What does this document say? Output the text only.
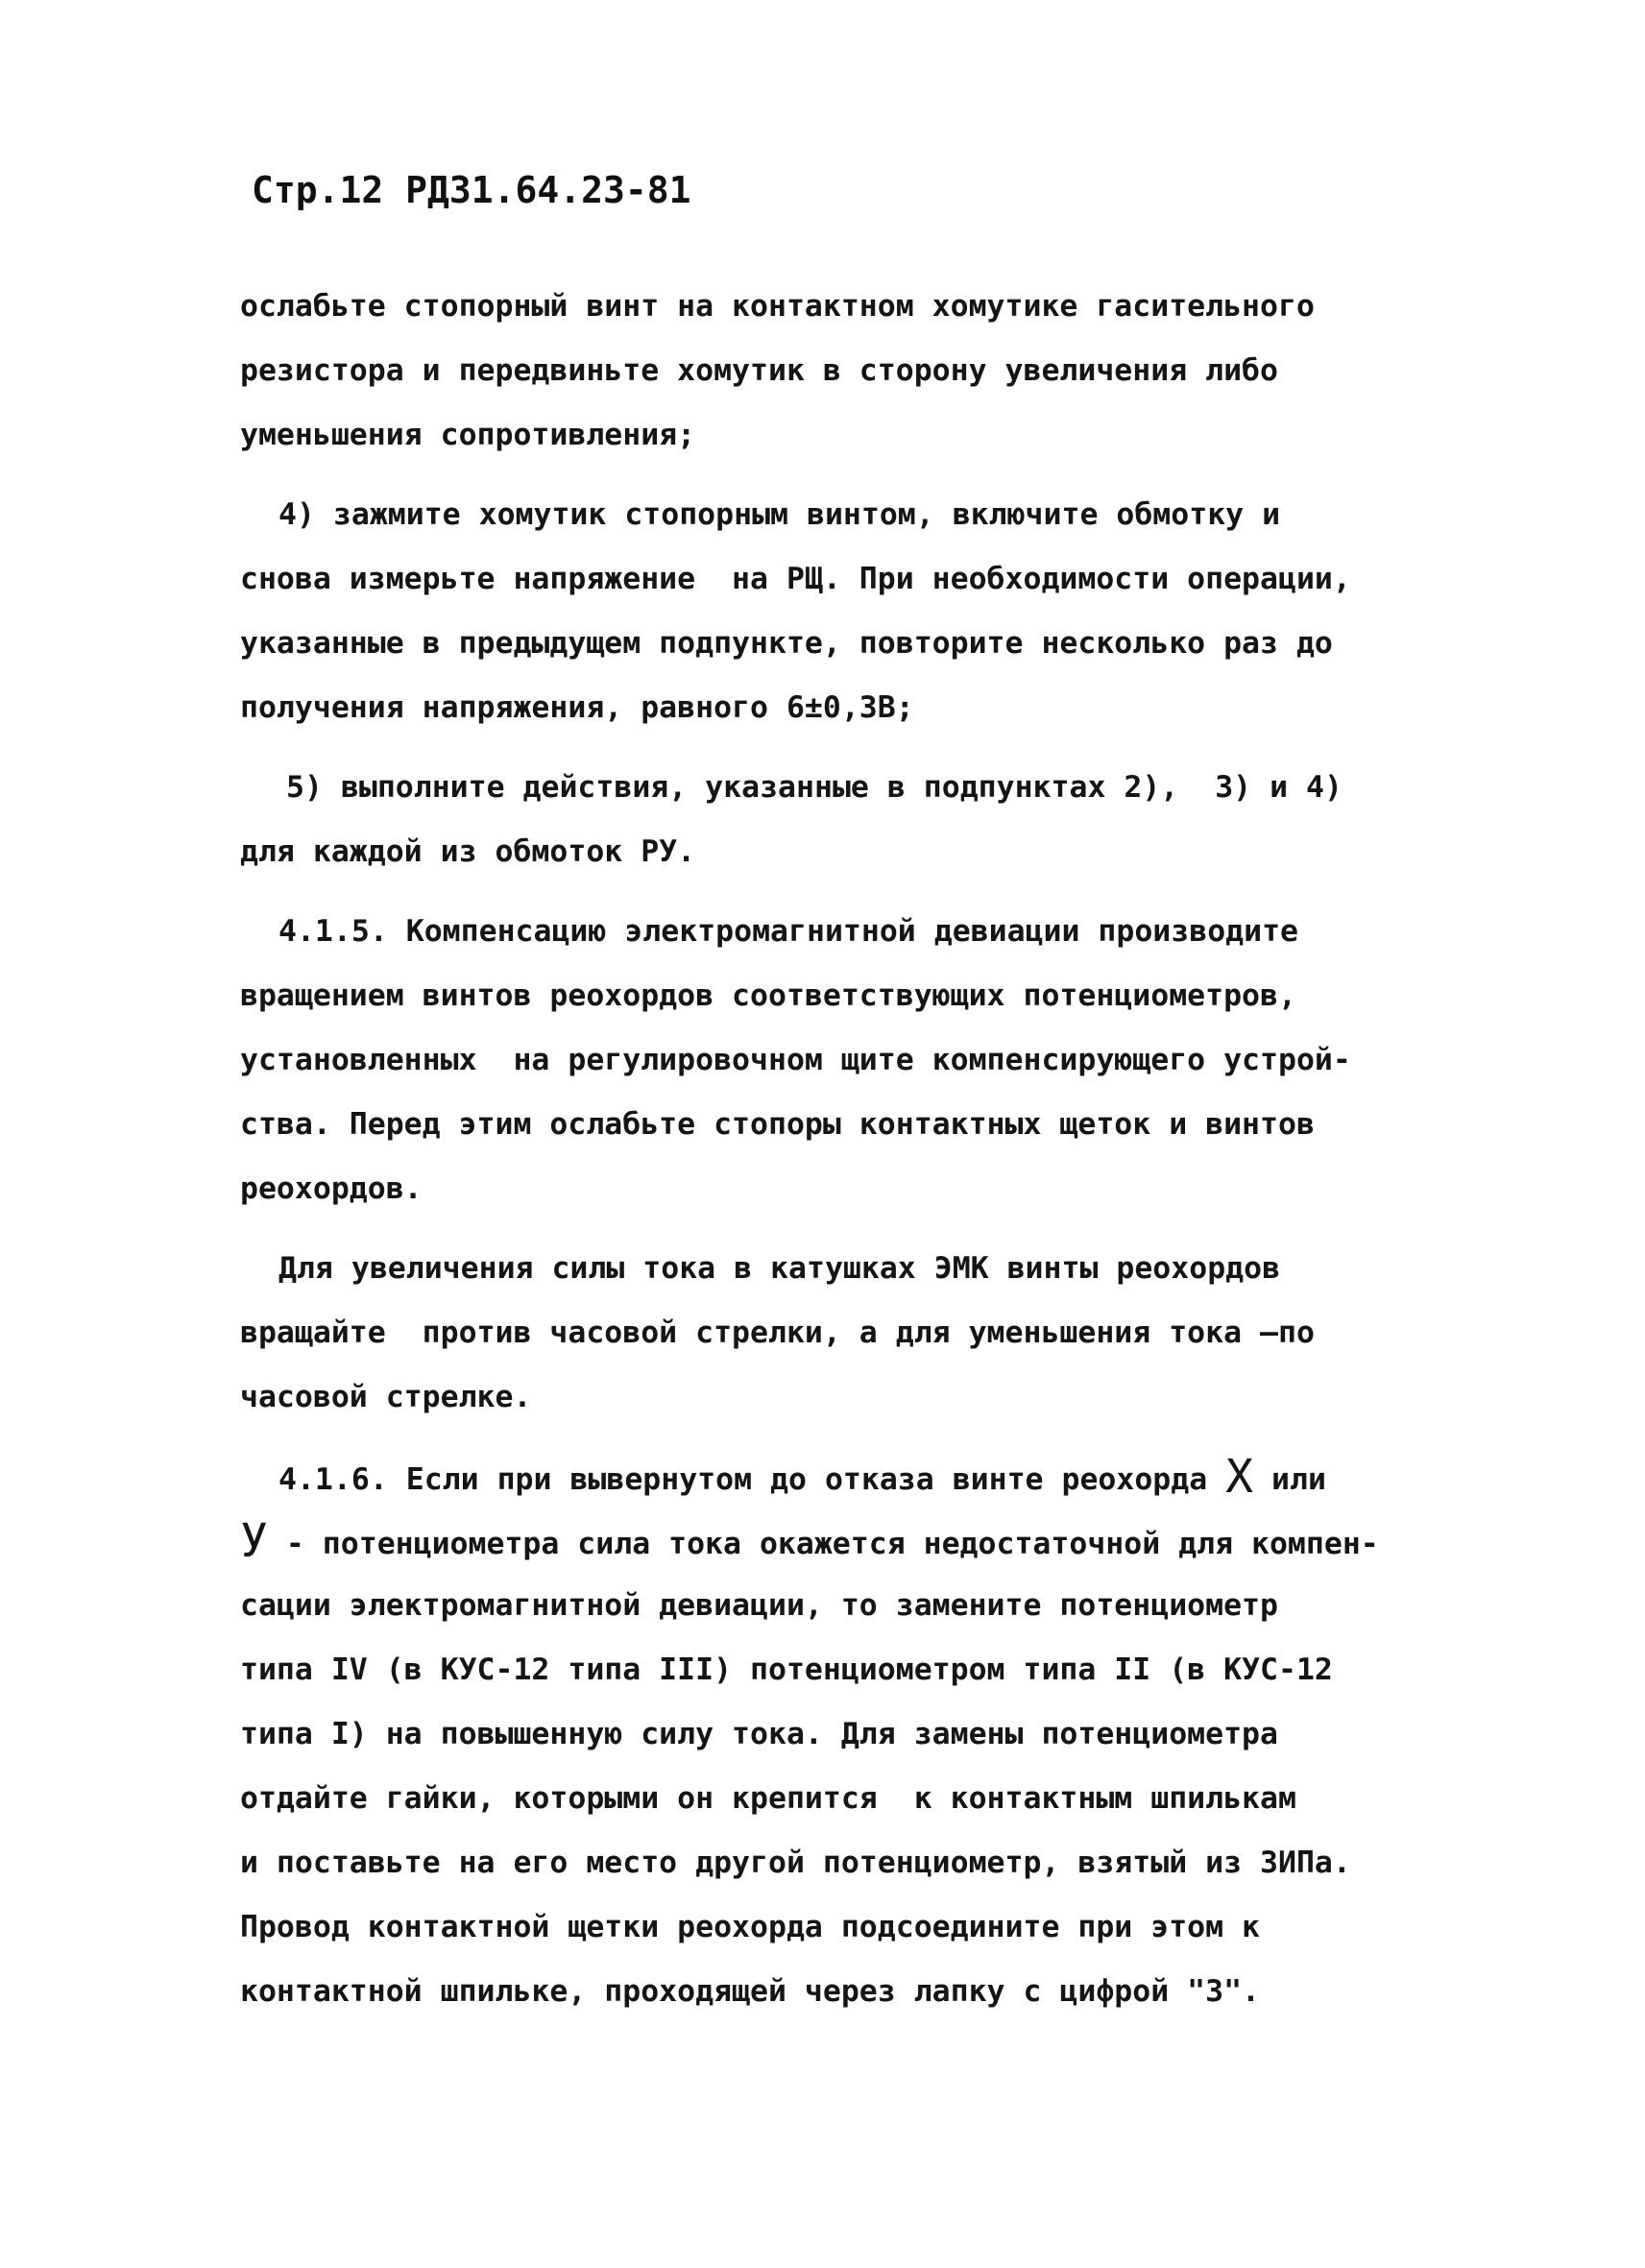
Стр.12 РД31.64.23-81
ослабьте стопорный винт на контактном хомутике гасительного
резистора и передвиньте хомутик в сторону увеличения либо
уменьшения сопротивления;
4) зажмите хомутик стопорным винтом, включите обмотку и
снова измерьте напряжение  на РЩ. При необходимости операции,
указанные в предыдущем подпункте, повторите несколько раз до
получения напряжения, равного 6±0,3В;
5) выполните действия, указанные в подпунктах 2),  3) и 4)
для каждой из обмоток РУ.
4.1.5. Компенсацию электромагнитной девиации производите
вращением винтов реохордов соответствующих потенциометров,
установленных  на регулировочном щите компенсирующего устрой-
ства. Перед этим ослабьте стопоры контактных щеток и винтов
реохордов.
Для увеличения силы тока в катушках ЭМК винты реохордов
вращайте  против часовой стрелки, а для уменьшения тока —по
часовой стрелке.
4.1.6. Если при вывернутом до отказа винте реохорда X или
У - потенциометра сила тока окажется недостаточной для компен-
сации электромагнитной девиации, то замените потенциометр
типа IV (в КУС-12 типа III) потенциометром типа II (в КУС-12
типа I) на повышенную силу тока. Для замены потенциометра
отдайте гайки, которыми он крепится  к контактным шпилькам
и поставьте на его место другой потенциометр, взятый из ЗИПа.
Провод контактной щетки реохорда подсоедините при этом к
контактной шпильке, проходящей через лапку с цифрой "3".
